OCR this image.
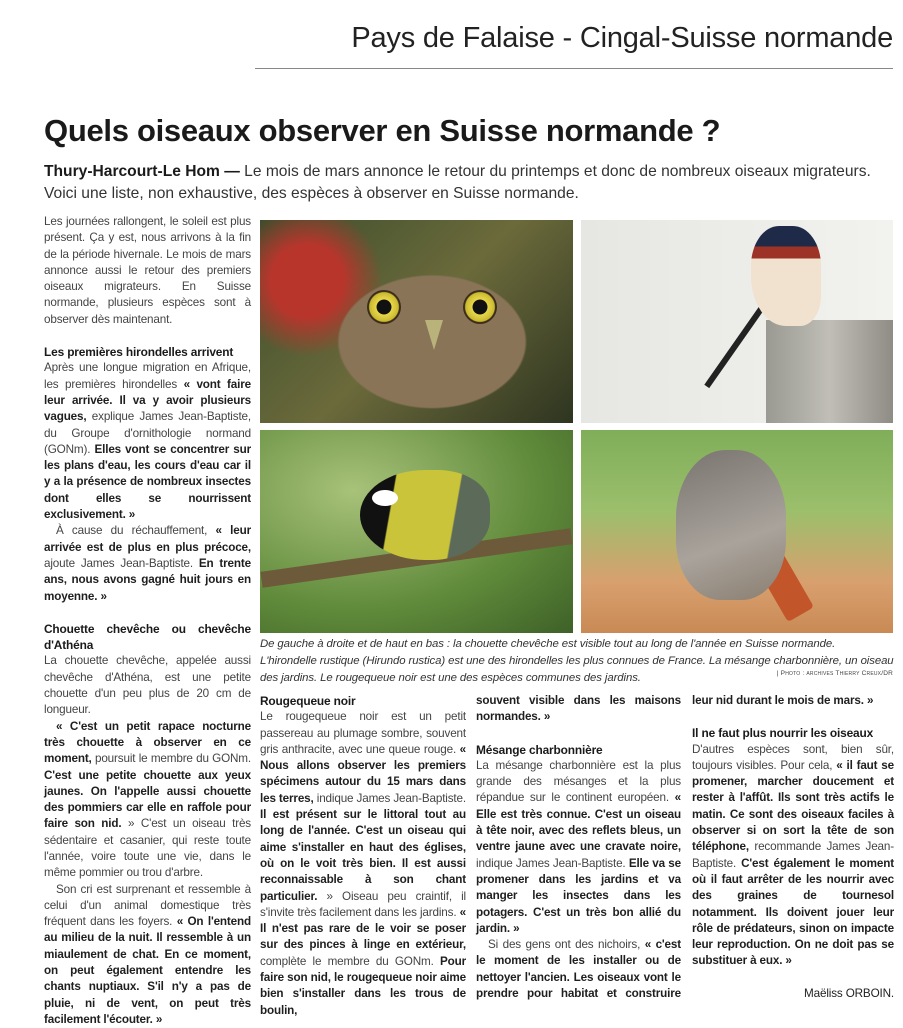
Pays de Falaise - Cingal-Suisse normande
Quels oiseaux observer en Suisse normande ?
Thury-Harcourt-Le Hom — Le mois de mars annonce le retour du printemps et donc de nombreux oiseaux migrateurs. Voici une liste, non exhaustive, des espèces à observer en Suisse normande.

Les journées rallongent, le soleil est plus présent. Ça y est, nous arrivons à la fin de la période hivernale. Le mois de mars annonce aussi le retour des premiers oiseaux migrateurs. En Suisse normande, plusieurs espèces sont à observer dès maintenant.

Les premières hirondelles arrivent

Après une longue migration en Afrique, les premières hirondelles « vont faire leur arrivée. Il va y avoir plusieurs vagues, explique James Jean-Baptiste, du Groupe d'ornithologie normand (GONm). Elles vont se concentrer sur les plans d'eau, les cours d'eau car il y a la présence de nombreux insectes dont elles se nourrissent exclusivement. »

À cause du réchauffement, « leur arrivée est de plus en plus précoce, ajoute James Jean-Baptiste. En trente ans, nous avons gagné huit jours en moyenne. »

Chouette chevêche ou chevêche d'Athéna

La chouette chevêche, appelée aussi chevêche d'Athéna, est une petite chouette d'un peu plus de 20 cm de longueur.

« C'est un petit rapace nocturne très chouette à observer en ce moment, poursuit le membre du GONm. C'est une petite chouette aux yeux jaunes. On l'appelle aussi chouette des pommiers car elle en raffole pour faire son nid. » C'est un oiseau très sédentaire et casanier, qui reste toute l'année, voire toute une vie, dans le même pommier ou trou d'arbre.

Son cri est surprenant et ressemble à celui d'un animal domestique très fréquent dans les foyers. « On l'entend au milieu de la nuit. Il ressemble à un miaulement de chat. En ce moment, on peut également entendre les chants nuptiaux. S'il n'y a pas de pluie, ni de vent, on peut très facilement l'écouter. »

De gauche à droite et de haut en bas : la chouette chevêche est visible tout au long de l'année en Suisse normande. L'hirondelle rustique (Hirundo rustica) est une des hirondelles les plus connues de France. La mésange charbonnière, un oiseau des jardins. Le rougequeue noir est une des espèces communes des jardins.	| Photo : archives Thierry Creux/DR
Rougequeue noir

Le rougequeue noir est un petit passereau au plumage sombre, souvent gris anthracite, avec une queue rouge. « Nous allons observer les premiers spécimens autour du 15 mars dans les terres, indique James Jean-Baptiste. Il est présent sur le littoral tout au long de l'année. C'est un oiseau qui aime s'installer en haut des églises, où on le voit très bien. Il est aussi reconnaissable à son chant particulier. » Oiseau peu craintif, il s'invite très facilement dans les jardins. « Il n'est pas rare de le voir se poser sur des pinces à linge en extérieur, complète le membre du GONm. Pour faire son nid, le rougequeue noir aime bien s'installer dans les trous de boulin,

souvent visible dans les maisons normandes. »

Mésange charbonnière

La mésange charbonnière est la plus grande des mésanges et la plus répandue sur le continent européen. « Elle est très connue. C'est un oiseau à tête noir, avec des reflets bleus, un ventre jaune avec une cravate noire, indique James Jean-Baptiste. Elle va se promener dans les jardins et va manger les insectes dans les potagers. C'est un très bon allié du jardin. »

Si des gens ont des nichoirs, « c'est le moment de les installer ou de nettoyer l'ancien. Les oiseaux vont le prendre pour habitat et construire

leur nid durant le mois de mars. »

Il ne faut plus nourrir les oiseaux

D'autres espèces sont, bien sûr, toujours visibles. Pour cela, « il faut se promener, marcher doucement et rester à l'affût. Ils sont très actifs le matin. Ce sont des oiseaux faciles à observer si on sort la tête de son téléphone, recommande James Jean-Baptiste. C'est également le moment où il faut arrêter de les nourrir avec des graines de tournesol notamment. Ils doivent jouer leur rôle de prédateurs, sinon on impacte leur reproduction. On ne doit pas se substituer à eux. »

Maëliss ORBOIN.
